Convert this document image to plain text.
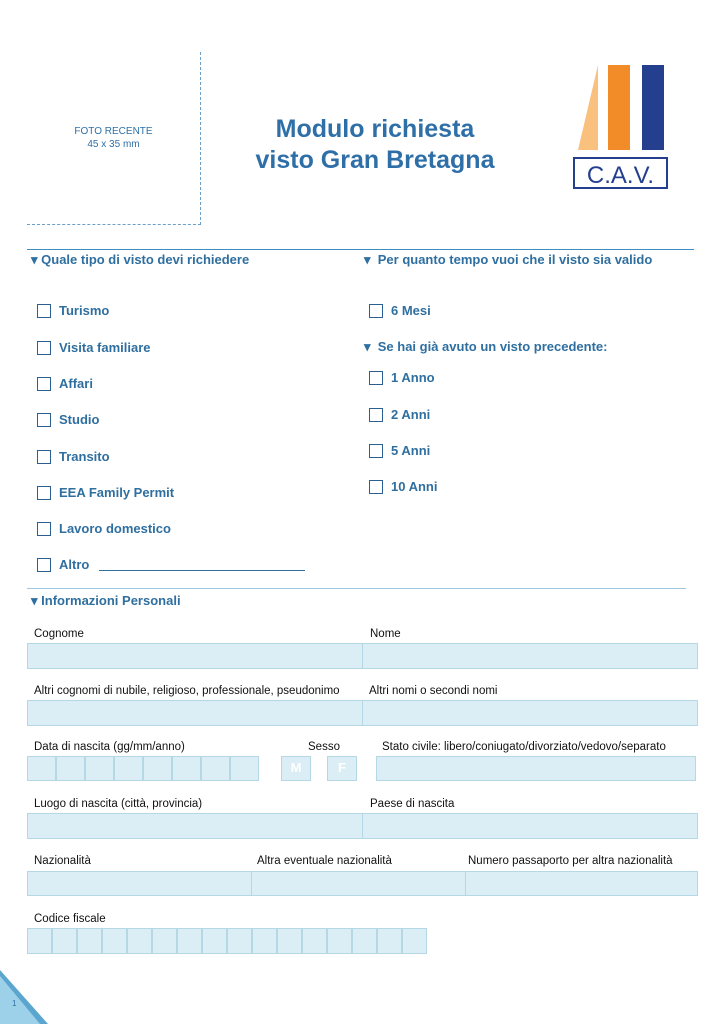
FOTO RECENTE
45 x 35 mm
Modulo richiesta
visto Gran Bretagna
C.A.V.
▾ Quale tipo di visto devi richiedere
Turismo
Visita familiare
Affari
Studio
Transito
EEA Family Permit
Lavoro domestico
Altro
▾  Per quanto tempo vuoi che il visto sia valido
6 Mesi
▾  Se hai già avuto un visto precedente:
1 Anno
2 Anni
5 Anni
10 Anni
▾ Informazioni Personali
Cognome	Nome
Altri cognomi di nubile, religioso, professionale, pseudonimo	Altri nomi o secondi nomi
Data di nascita (gg/mm/anno)	Sesso	Stato civile: libero/coniugato/divorziato/vedovo/separato
M	F
Luogo di nascita (città, provincia)	Paese di nascita
Nazionalità	Altra eventuale nazionalità	Numero passaporto per altra nazionalità
Codice fiscale
1
